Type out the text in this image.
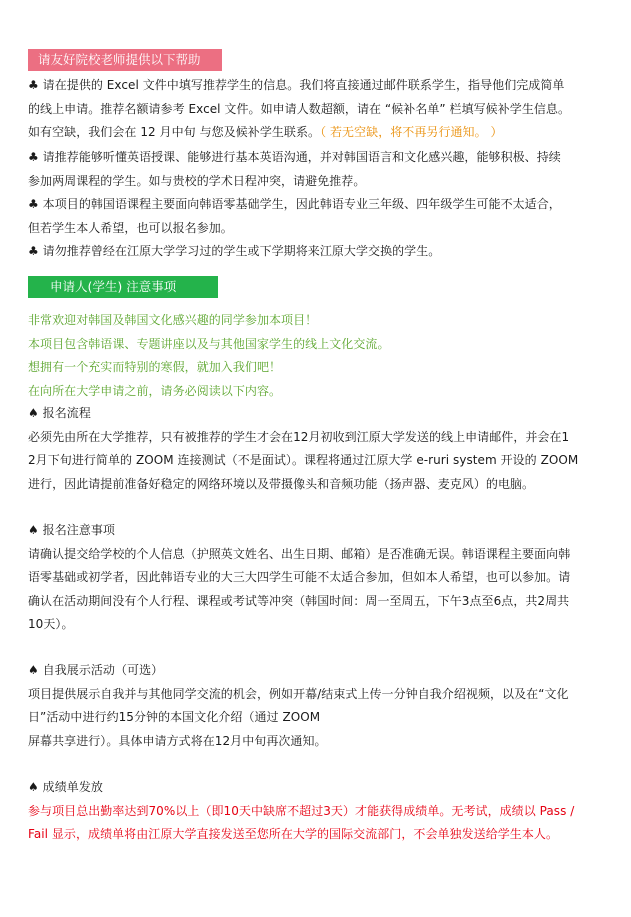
请友好院校老师提供以下帮助
♣ 请在提供的 Excel 文件中填写推荐学生的信息。我们将直接通过邮件联系学生，指导他们完成简单
的线上申请。推荐名额请参考 Excel 文件。如申请人数超额，请在 “候补名单” 栏填写候补学生信息。
如有空缺，我们会在 12 月中旬 与您及候补学生联系。（ 若无空缺，将不再另行通知。 ）
♣ 请推荐能够听懂英语授课、能够进行基本英语沟通，并对韩国语言和文化感兴趣，能够积极、持续
参加两周课程的学生。如与贵校的学术日程冲突，请避免推荐。
♣ 本项目的韩国语课程主要面向韩语零基础学生，因此韩语专业三年级、四年级学生可能不太适合，
但若学生本人希望，也可以报名参加。
♣ 请勿推荐曾经在江原大学学习过的学生或下学期将来江原大学交换的学生。
申请人(学生) 注意事项
非常欢迎对韩国及韩国文化感兴趣的同学参加本项目！
本项目包含韩语课、专题讲座以及与其他国家学生的线上文化交流。
想拥有一个充实而特别的寒假，就加入我们吧！
在向所在大学申请之前，请务必阅读以下内容。
♠ 报名流程
必须先由所在大学推荐，只有被推荐的学生才会在12月初收到江原大学发送的线上申请邮件，并会在1
2月下旬进行简单的 ZOOM 连接测试（不是面试）。课程将通过江原大学 e-ruri system 开设的 ZOOM
进行，因此请提前准备好稳定的网络环境以及带摄像头和音频功能（扬声器、麦克风）的电脑。
♠ 报名注意事项
请确认提交给学校的个人信息（护照英文姓名、出生日期、邮箱）是否准确无误。韩语课程主要面向韩
语零基础或初学者，因此韩语专业的大三大四学生可能不太适合参加，但如本人希望，也可以参加。请
确认在活动期间没有个人行程、课程或考试等冲突（韩国时间：周一至周五，下午3点至6点，共2周共
10天）。
♠ 自我展示活动（可选）
项目提供展示自我并与其他同学交流的机会，例如开幕/结束式上传一分钟自我介绍视频，以及在“文化
日”活动中进行约15分钟的本国文化介绍（通过 ZOOM
屏幕共享进行）。具体申请方式将在12月中旬再次通知。
♠ 成绩单发放
参与项目总出勤率达到70%以上（即10天中缺席不超过3天）才能获得成绩单。无考试，成绩以 Pass /
Fail 显示，成绩单将由江原大学直接发送至您所在大学的国际交流部门，不会单独发送给学生本人。
